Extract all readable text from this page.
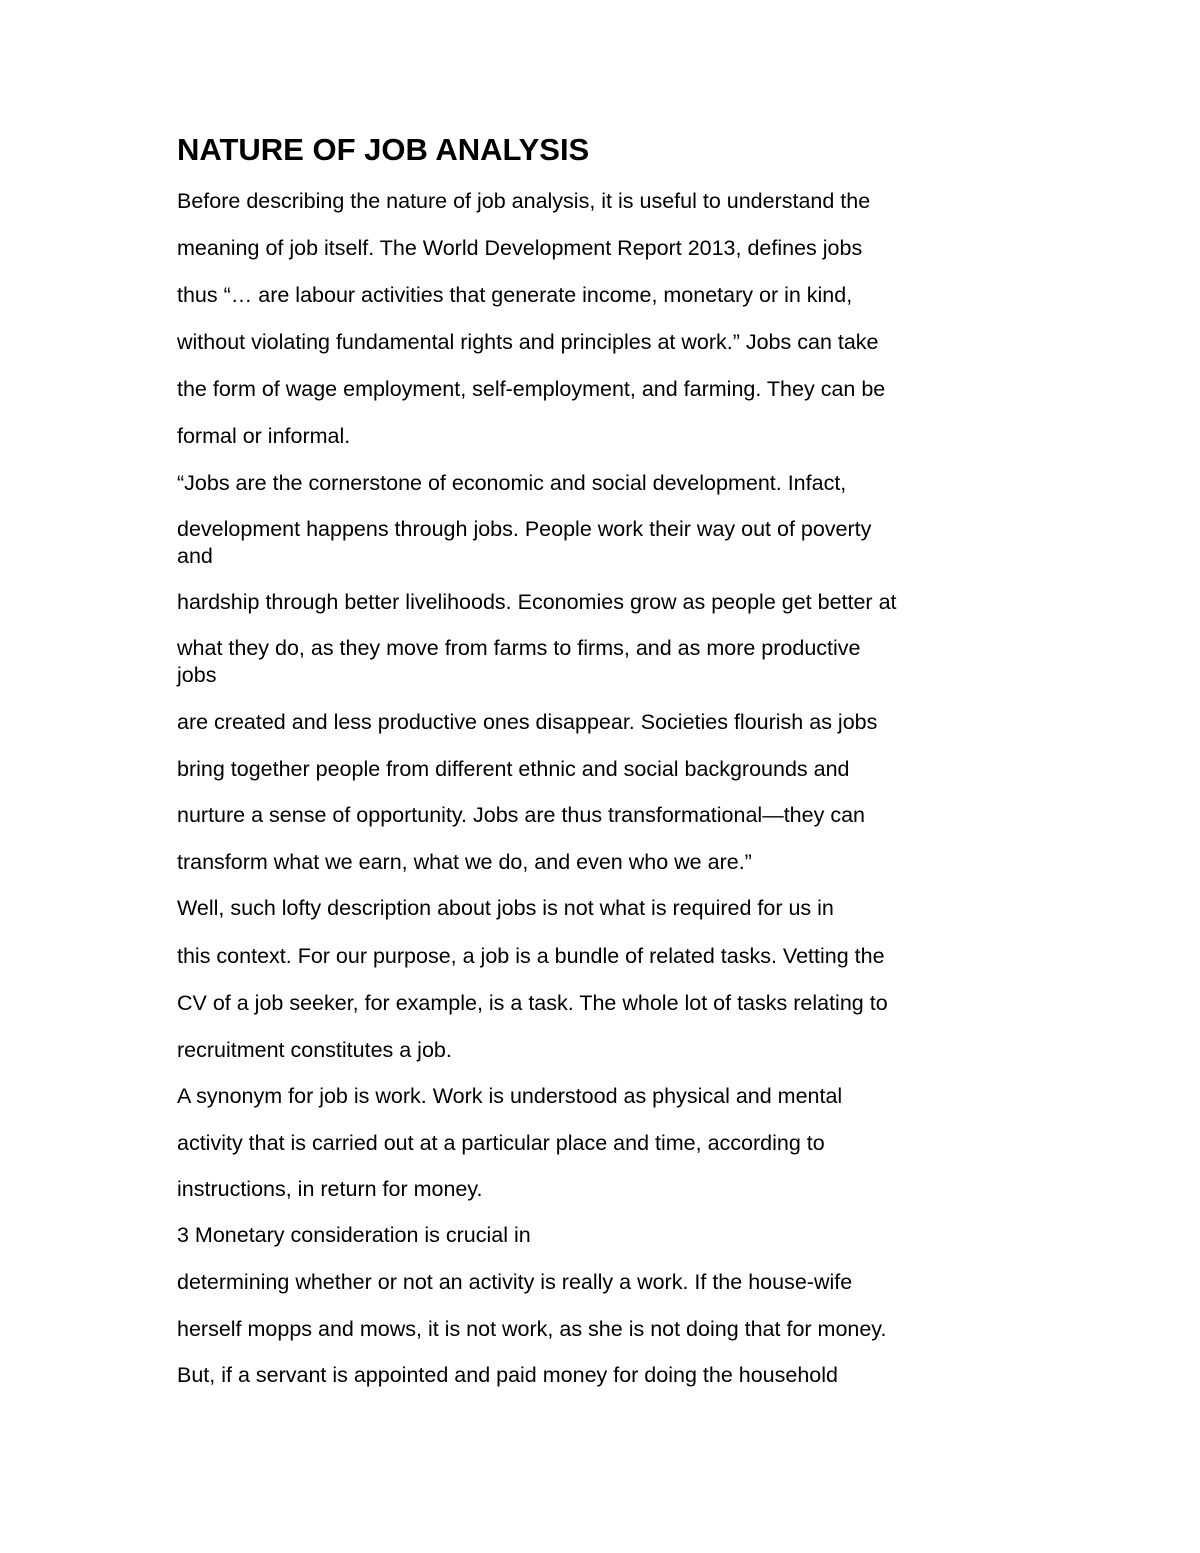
NATURE OF JOB ANALYSIS

Before describing the nature of job analysis, it is useful to understand the

meaning of job itself. The World Development Report 2013, defines jobs

thus “… are labour activities that generate income, monetary or in kind,

without violating fundamental rights and principles at work.” Jobs can take

the form of wage employment, self-employment, and farming. They can be

formal or informal.

“Jobs are the cornerstone of economic and social development. Infact,

development happens through jobs. People work their way out of poverty

and

hardship through better livelihoods. Economies grow as people get better at

what they do, as they move from farms to firms, and as more productive

jobs

are created and less productive ones disappear. Societies flourish as jobs

bring together people from different ethnic and social backgrounds and

nurture a sense of opportunity. Jobs are thus transformational—they can

transform what we earn, what we do, and even who we are.”

Well, such lofty description about jobs is not what is required for us in

this context. For our purpose, a job is a bundle of related tasks. Vetting the

CV of a job seeker, for example, is a task. The whole lot of tasks relating to

recruitment constitutes a job.

A synonym for job is work. Work is understood as physical and mental

activity that is carried out at a particular place and time, according to

instructions, in return for money.

3 Monetary consideration is crucial in

determining whether or not an activity is really a work. If the house-wife

herself mopps and mows, it is not work, as she is not doing that for money.

But, if a servant is appointed and paid money for doing the household
